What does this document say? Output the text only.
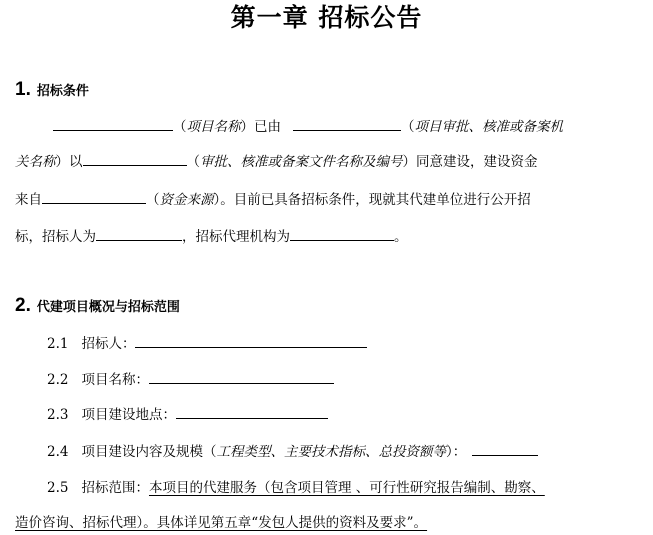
第一章 招标公告
1. 招标条件
（项目名称）已由	（项目审批、核准或备案机
关名称）以	（审批、核准或备案文件名称及编号）同意建设，建设资金
来自	（资金来源）。目前已具备招标条件，现就其代建单位进行公开招
标，招标人为	，招标代理机构为	。
2. 代建项目概况与招标范围
2.1 招标人：
2.2 项目名称：
2.3 项目建设地点：
2.4 项目建设内容及规模（工程类型、主要技术指标、总投资额等）：
2.5 招标范围：本项目的代建服务（包含项目管理 、可行性研究报告编制、勘察、
造价咨询、招标代理）。具体详见第五章“发包人提供的资料及要求”。
